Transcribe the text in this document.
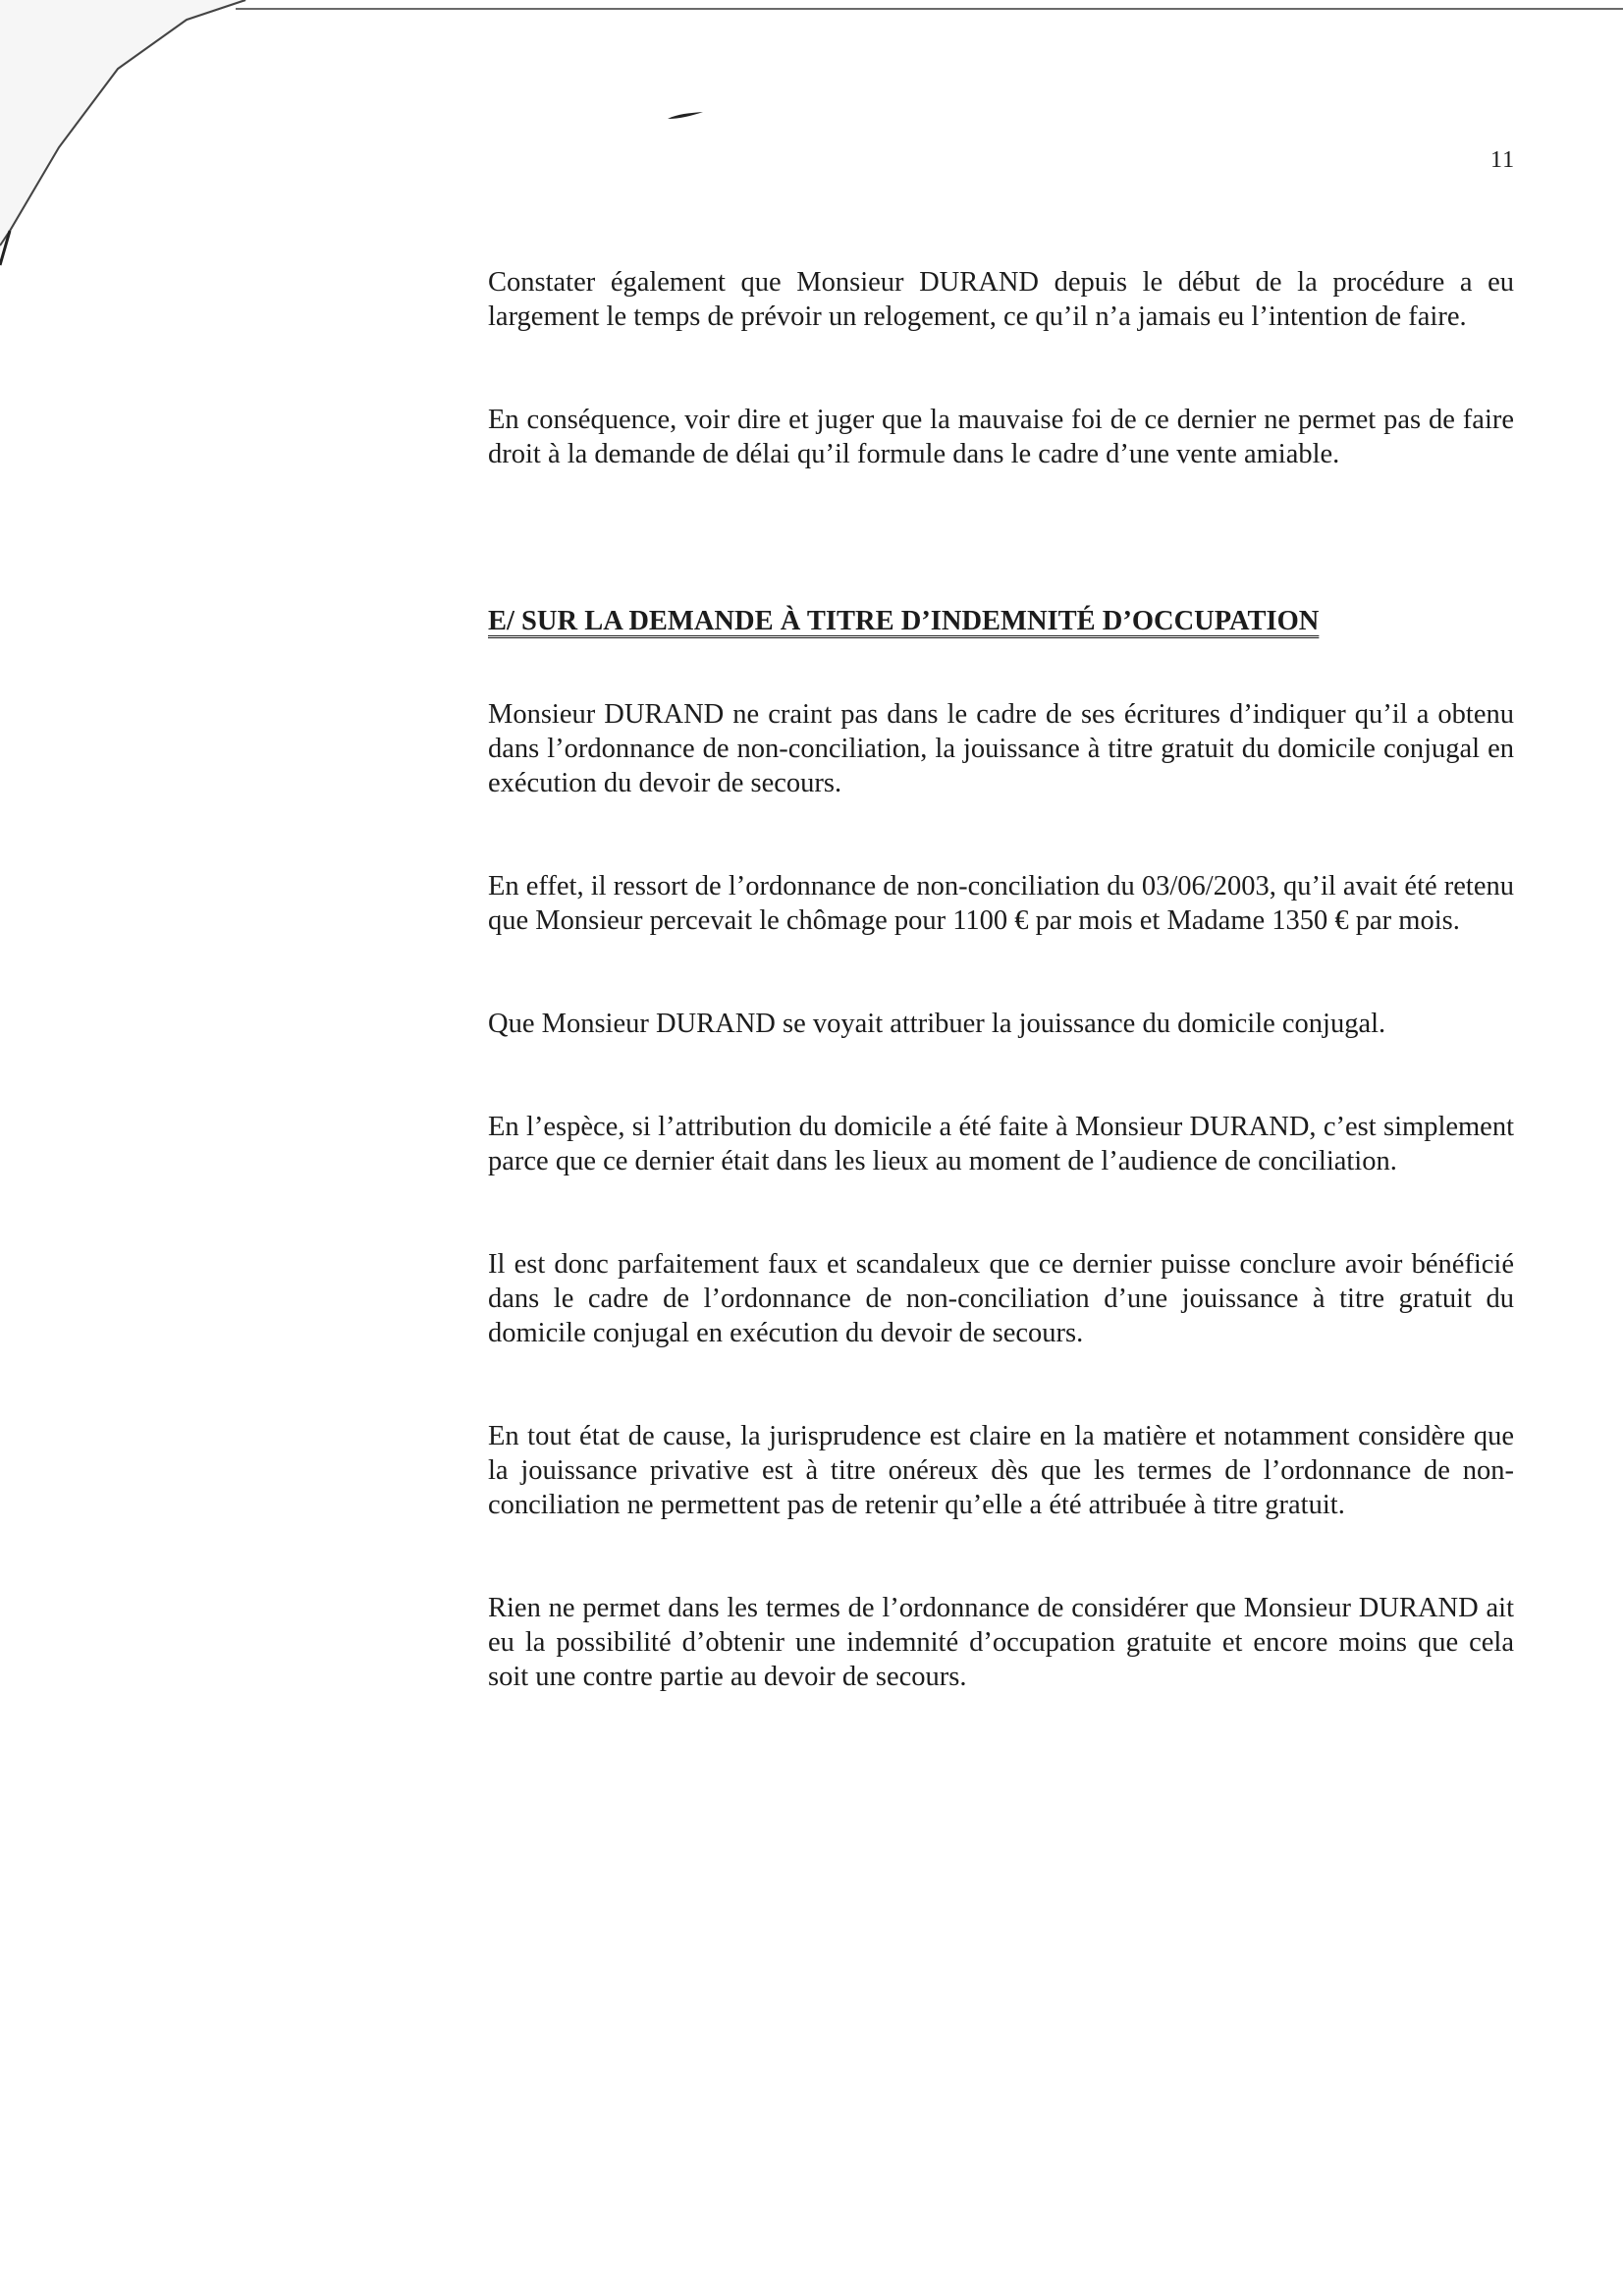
11

Constater également que Monsieur DURAND depuis le début de la procédure a eu largement le temps de prévoir un relogement, ce qu’il n’a jamais eu l’intention de faire.

En conséquence, voir dire et juger que la mauvaise foi de ce dernier ne permet pas de faire droit à la demande de délai qu’il formule dans le cadre d’une vente amiable.

E/ SUR LA DEMANDE À TITRE D’INDEMNITÉ D’OCCUPATION

Monsieur DURAND ne craint pas dans le cadre de ses écritures d’indiquer qu’il a obtenu dans l’ordonnance de non-conciliation, la jouissance à titre gratuit du domicile conjugal en exécution du devoir de secours.

En effet, il ressort de l’ordonnance de non-conciliation du 03/06/2003, qu’il avait été retenu que Monsieur percevait le chômage pour 1100 € par mois et Madame 1350 € par mois.

Que Monsieur DURAND se voyait attribuer la jouissance du domicile conjugal.

En l’espèce, si l’attribution du domicile a été faite à Monsieur DURAND, c’est simplement parce que ce dernier était dans les lieux au moment de l’audience de conciliation.

Il est donc parfaitement faux et scandaleux que ce dernier puisse conclure avoir bénéficié dans le cadre de l’ordonnance de non-conciliation d’une jouissance à titre gratuit du domicile conjugal en exécution du devoir de secours.

En tout état de cause, la jurisprudence est claire en la matière et notamment considère que la jouissance privative est à titre onéreux dès que les termes de l’ordonnance de non-conciliation ne permettent pas de retenir qu’elle a été attribuée à titre gratuit.

Rien ne permet dans les termes de l’ordonnance de considérer que Monsieur DURAND ait eu la possibilité d’obtenir une indemnité d’occupation gratuite et encore moins que cela soit une contre partie au devoir de secours.
